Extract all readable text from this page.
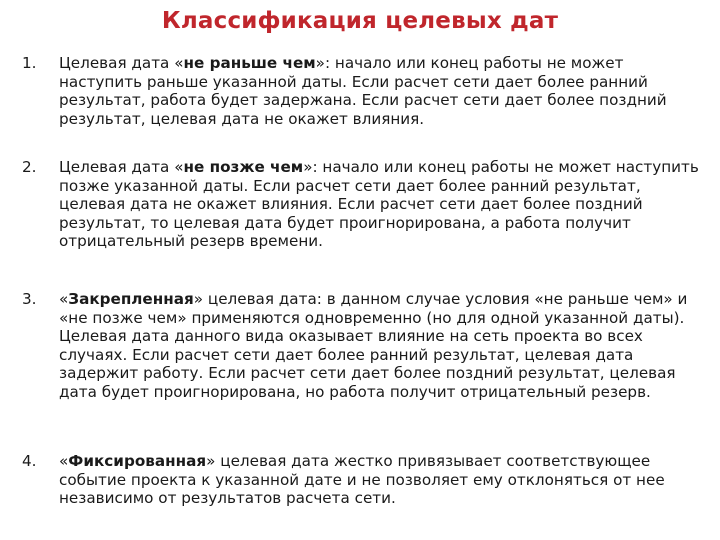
Классификация целевых дат
1. Целевая дата «не раньше чем»: начало или конец работы не может наступить раньше указанной даты. Если расчет сети дает более ранний результат, работа будет задержана. Если расчет сети дает более поздний результат, целевая дата не окажет влияния.
2. Целевая дата «не позже чем»: начало или конец работы не может наступить позже указанной даты. Если расчет сети дает более ранний результат, целевая дата не окажет влияния. Если расчет сети дает более поздний результат, то целевая дата будет проигнорирована, а работа получит отрицательный резерв времени.
3. «Закрепленная» целевая дата: в данном случае условия «не раньше чем» и «не позже чем» применяются одновременно (но для одной указанной даты). Целевая дата данного вида оказывает влияние на сеть проекта во всех случаях. Если расчет сети дает более ранний результат, целевая дата задержит работу. Если расчет сети дает более поздний результат, целевая дата будет проигнорирована, но работа получит отрицательный резерв.
4. «Фиксированная» целевая дата жестко привязывает соответствующее событие проекта к указанной дате и не позволяет ему отклоняться от нее независимо от результатов расчета сети.
